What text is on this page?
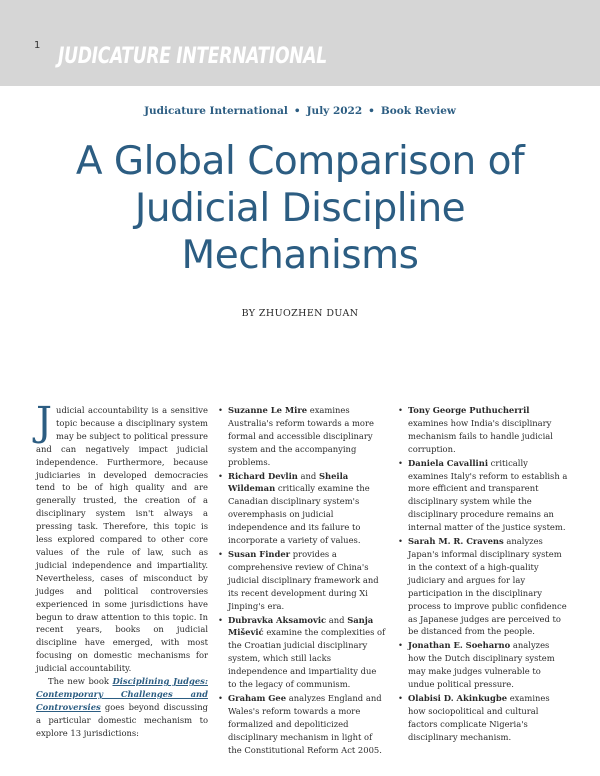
1 JUDICATURE INTERNATIONAL
Judicature International • July 2022 • Book Review
A Global Comparison of Judicial Discipline Mechanisms
BY ZHUOZHEN DUAN

Judicial accountability is a sensitive topic because a disciplinary system may be subject to political pressure and can negatively impact judicial independence. Furthermore, because judiciaries in developed democracies tend to be of high quality and are generally trusted, the creation of a disciplinary system isn't always a pressing task. Therefore, this topic is less explored compared to other core values of the rule of law, such as judicial independence and impartiality. Nevertheless, cases of misconduct by judges and political controversies experienced in some jurisdictions have begun to draw attention to this topic. In recent years, books on judicial discipline have emerged, with most focusing on domestic mechanisms for judicial accountability.

The new book Disciplining Judges: Contemporary Challenges and Controversies goes beyond discussing a particular domestic mechanism to explore 13 jurisdictions:

• Suzanne Le Mire examines Australia's reform towards a more formal and accessible disciplinary system and the accompanying problems.
• Richard Devlin and Sheila Wildeman critically examine the Canadian disciplinary system's overemphasis on judicial independence and its failure to incorporate a variety of values.
• Susan Finder provides a comprehensive review of China's judicial disciplinary framework and its recent development during Xi Jinping's era.
• Dubravka Aksamovic and Sanja Mišević examine the complexities of the Croatian judicial disciplinary system, which still lacks independence and impartiality due to the legacy of communism.
• Graham Gee analyzes England and Wales's reform towards a more formalized and depoliticized disciplinary mechanism in light of the Constitutional Reform Act 2005.
• Tony George Puthucherril examines how India's disciplinary mechanism fails to handle judicial corruption.
• Daniela Cavallini critically examines Italy's reform to establish a more efficient and transparent disciplinary system while the disciplinary procedure remains an internal matter of the justice system.
• Sarah M. R. Cravens analyzes Japan's informal disciplinary system in the context of a high-quality judiciary and argues for lay participation in the disciplinary process to improve public confidence as Japanese judges are perceived to be distanced from the people.
• Jonathan E. Soeharno analyzes how the Dutch disciplinary system may make judges vulnerable to undue political pressure.
• Olabisi D. Akinkugbe examines how sociopolitical and cultural factors complicate Nigeria's disciplinary mechanism.
